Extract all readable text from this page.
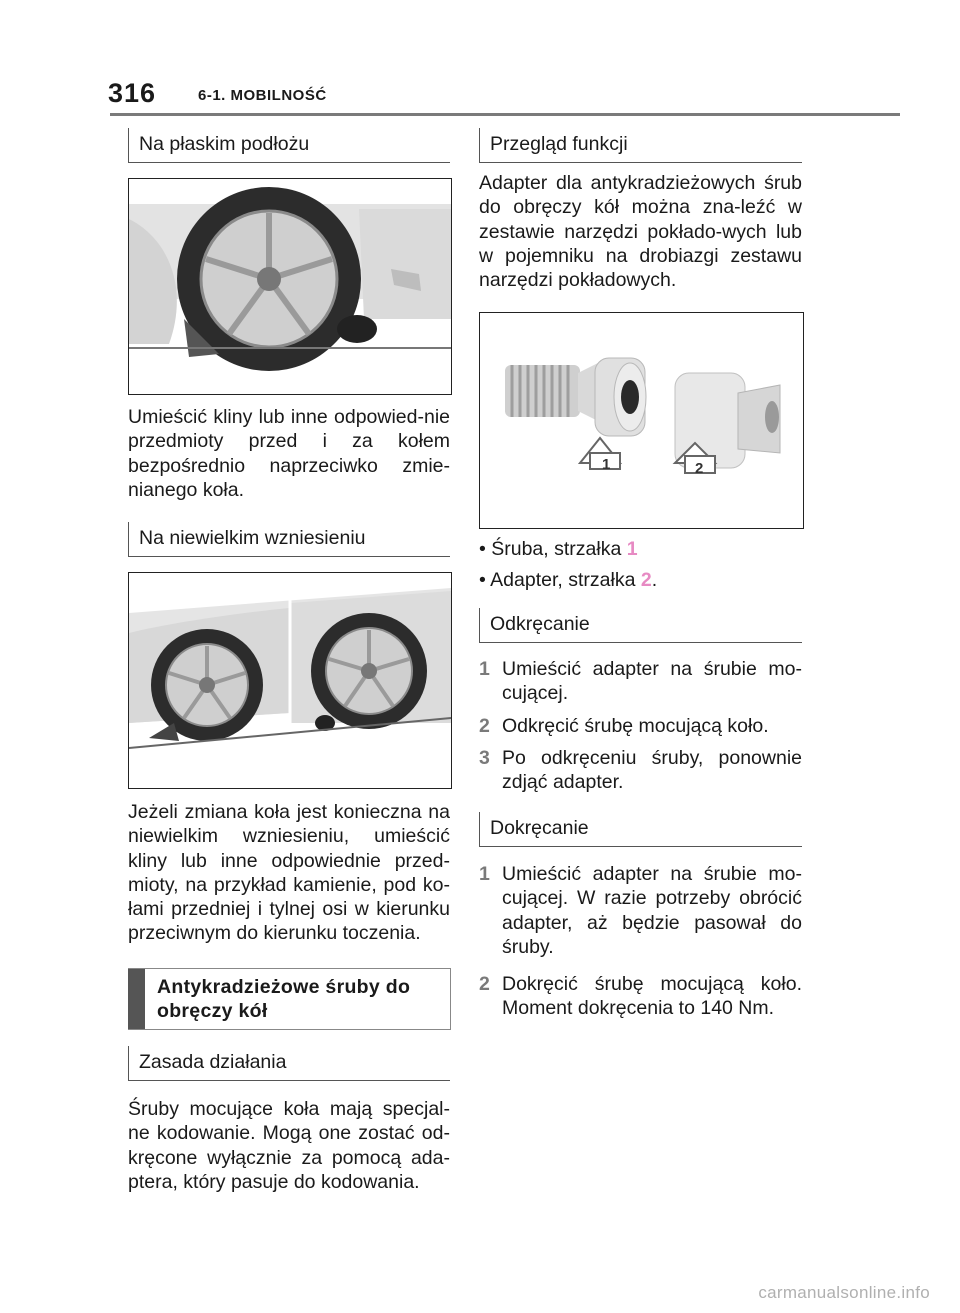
316	6-1. MOBILNOŚĆ
Na płaskim podłożu
Umieścić kliny lub inne odpowied-nie przedmioty przed i za kołem bezpośrednio naprzeciwko zmie-nianego koła.
Na niewielkim wzniesieniu
Jeżeli zmiana koła jest konieczna na niewielkim wzniesieniu, umieścić kliny lub inne odpowiednie przed-mioty, na przykład kamienie, pod ko-łami przedniej i tylnej osi w kierunku przeciwnym do kierunku toczenia.
Antykradzieżowe śruby do obręczy kół
Zasada działania
Śruby mocujące koła mają specjal-ne kodowanie. Mogą one zostać od-kręcone wyłącznie za pomocą ada-ptera, który pasuje do kodowania.
Przegląd funkcji
Adapter dla antykradzieżowych śrub do obręczy kół można zna-leźć w zestawie narzędzi pokłado-wych lub w pojemniku na drobiazgi zestawu narzędzi pokładowych.
1	2
• Śruba, strzałka 1
• Adapter, strzałka 2.
Odkręcanie
1 Umieścić adapter na śrubie mo-cującej.
2 Odkręcić śrubę mocującą koło.
3 Po odkręceniu śruby, ponownie zdjąć adapter.
Dokręcanie
1 Umieścić adapter na śrubie mo-cującej. W razie potrzeby obrócić adapter, aż będzie pasował do śruby.
2 Dokręcić śrubę mocującą koło. Moment dokręcenia to 140 Nm.
carmanualsonline.info
